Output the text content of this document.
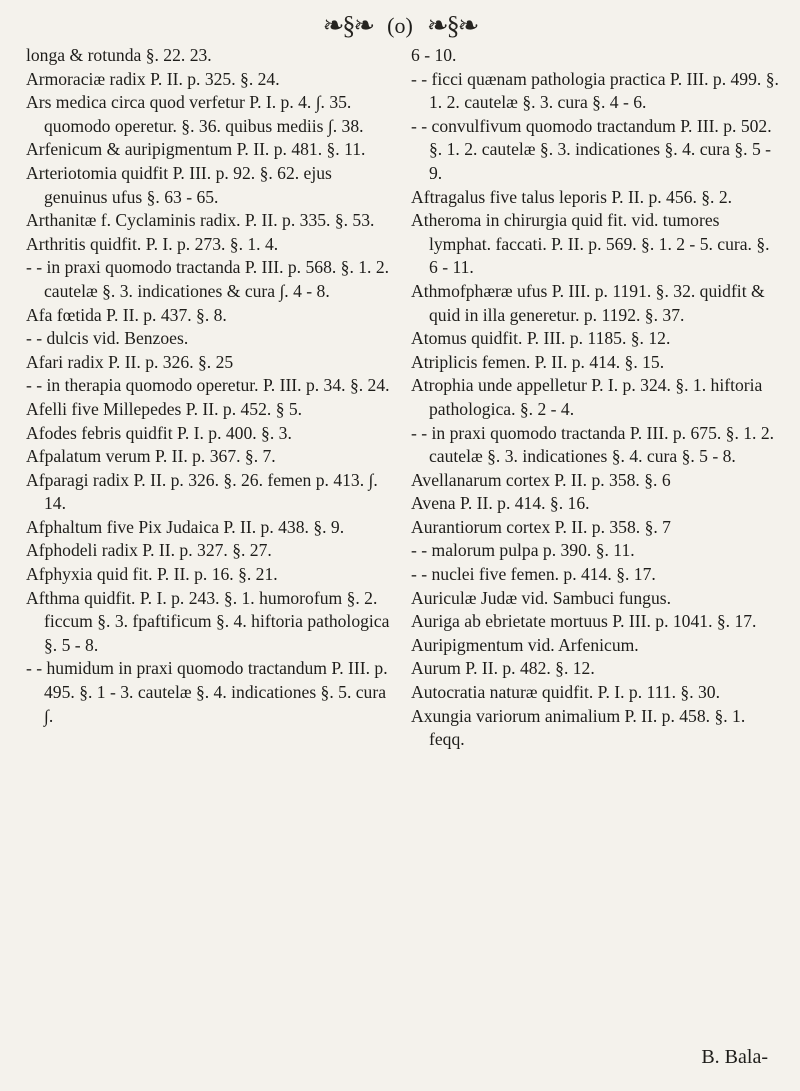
❧§❧ (o) ❧§❧

longa & rotunda §. 22. 23.

Armoraciæ radix P. II. p. 325. §. 24.

Ars medica circa quod verfetur P. I. p. 4. ∫. 35. quomodo operetur. §. 36. quibus mediis ∫. 38.

Arfenicum & auripigmentum P. II. p. 481. §. 11.

Arteriotomia quidfit P. III. p. 92. §. 62. ejus genuinus ufus §. 63 - 65.

Arthanitæ f. Cyclaminis radix. P. II. p. 335. §. 53.

Arthritis quidfit. P. I. p. 273. §. 1. 4.

- - in praxi quomodo tractanda P. III. p. 568. §. 1. 2. cautelæ §. 3. indicationes & cura ∫. 4 - 8.

Afa fœtida P. II. p. 437. §. 8.

- - dulcis vid. Benzoes.

Afari radix P. II. p. 326. §. 25

- - in therapia quomodo operetur. P. III. p. 34. §. 24.

Afelli five Millepedes P. II. p. 452. § 5.

Afodes febris quidfit P. I. p. 400. §. 3.

Afpalatum verum P. II. p. 367. §. 7.

Afparagi radix P. II. p. 326. §. 26. femen p. 413. ∫. 14.

Afphaltum five Pix Judaica P. II. p. 438. §. 9.

Afphodeli radix P. II. p. 327. §. 27.

Afphyxia quid fit. P. II. p. 16. §. 21.

Afthma quidfit. P. I. p. 243. §. 1. humorofum §. 2. ficcum §. 3. fpaftificum §. 4. hiftoria pathologica §. 5 - 8.

- - humidum in praxi quomodo tractandum P. III. p. 495. §. 1 - 3. cautelæ §. 4. indicationes §. 5. cura ∫.

6 - 10.

- - ficci quænam pathologia practica P. III. p. 499. §. 1. 2. cautelæ §. 3. cura §. 4 - 6.

- - convulfivum quomodo tractandum P. III. p. 502. §. 1. 2. cautelæ §. 3. indicationes §. 4. cura §. 5 - 9.

Aftragalus five talus leporis P. II. p. 456. §. 2.

Atheroma in chirurgia quid fit. vid. tumores lymphat. faccati. P. II. p. 569. §. 1. 2 - 5. cura. §. 6 - 11.

Athmofphæræ ufus P. III. p. 1191. §. 32. quidfit & quid in illa generetur. p. 1192. §. 37.

Atomus quidfit. P. III. p. 1185. §. 12.

Atriplicis femen. P. II. p. 414. §. 15.

Atrophia unde appelletur P. I. p. 324. §. 1. hiftoria pathologica. §. 2 - 4.

- - in praxi quomodo tractanda P. III. p. 675. §. 1. 2. cautelæ §. 3. indicationes §. 4. cura §. 5 - 8.

Avellanarum cortex P. II. p. 358. §. 6

Avena P. II. p. 414. §. 16.

Aurantiorum cortex P. II. p. 358. §. 7

- - malorum pulpa p. 390. §. 11.

- - nuclei five femen. p. 414. §. 17.

Auriculæ Judæ vid. Sambuci fungus.

Auriga ab ebrietate mortuus P. III. p. 1041. §. 17.

Auripigmentum vid. Arfenicum.

Aurum P. II. p. 482. §. 12.

Autocratia naturæ quidfit. P. I. p. 111. §. 30.

Axungia variorum animalium P. II. p. 458. §. 1. feqq.

B. Bala-
